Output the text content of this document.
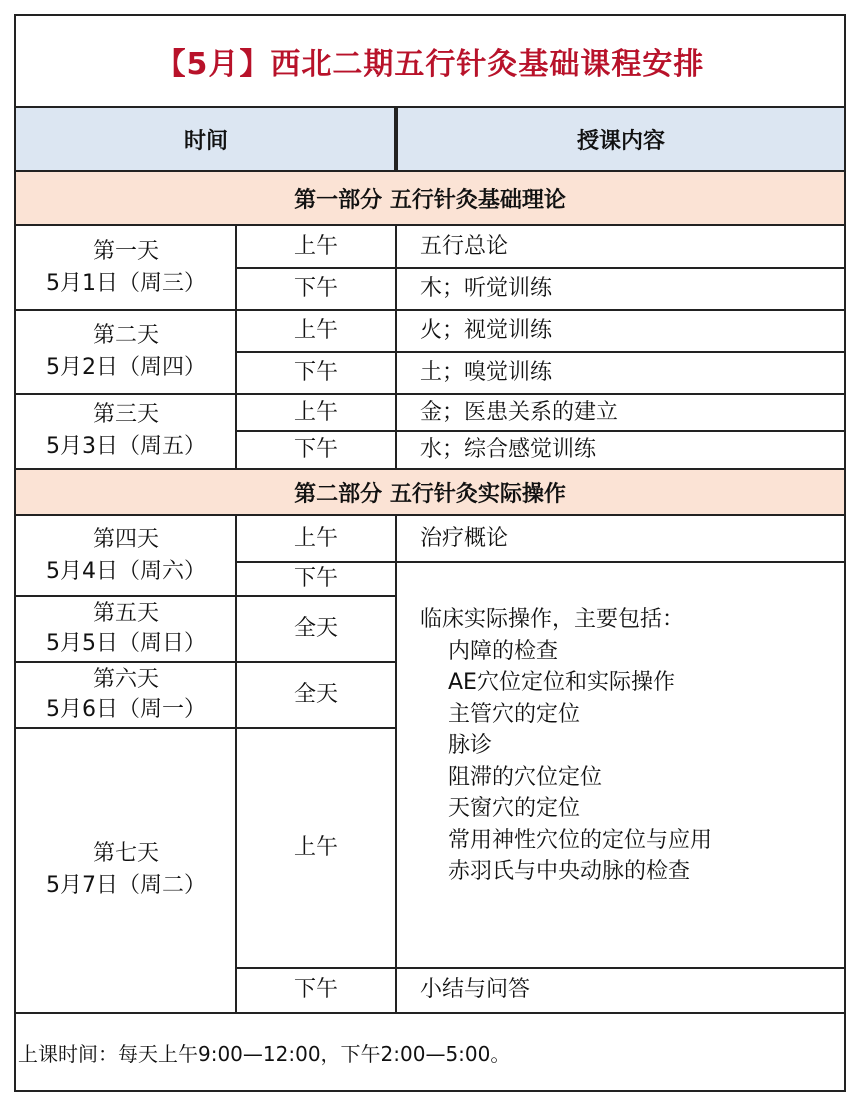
【5月】西北二期五行针灸基础课程安排
时间	授课内容
第一部分 五行针灸基础理论
第一天
5月1日（周三）
第二天
5月2日（周四）
第三天
5月3日（周五）
第二部分 五行针灸实际操作
第四天
5月4日（周六）
第五天
5月5日（周日）
第六天
5月6日（周一）
第七天
5月7日（周二）
上午
下午
上午
下午
上午
下午
上午
下午
全天
全天
上午
下午
五行总论
木；听觉训练
火；视觉训练
土；嗅觉训练
金；医患关系的建立
水；综合感觉训练
治疗概论
临床实际操作，主要包括：
内障的检查
AE穴位定位和实际操作
主管穴的定位
脉诊
阻滞的穴位定位
天窗穴的定位
常用神性穴位的定位与应用
赤羽氏与中央动脉的检查
小结与问答
上课时间：每天上午9:00—12:00，下午2:00—5:00。
